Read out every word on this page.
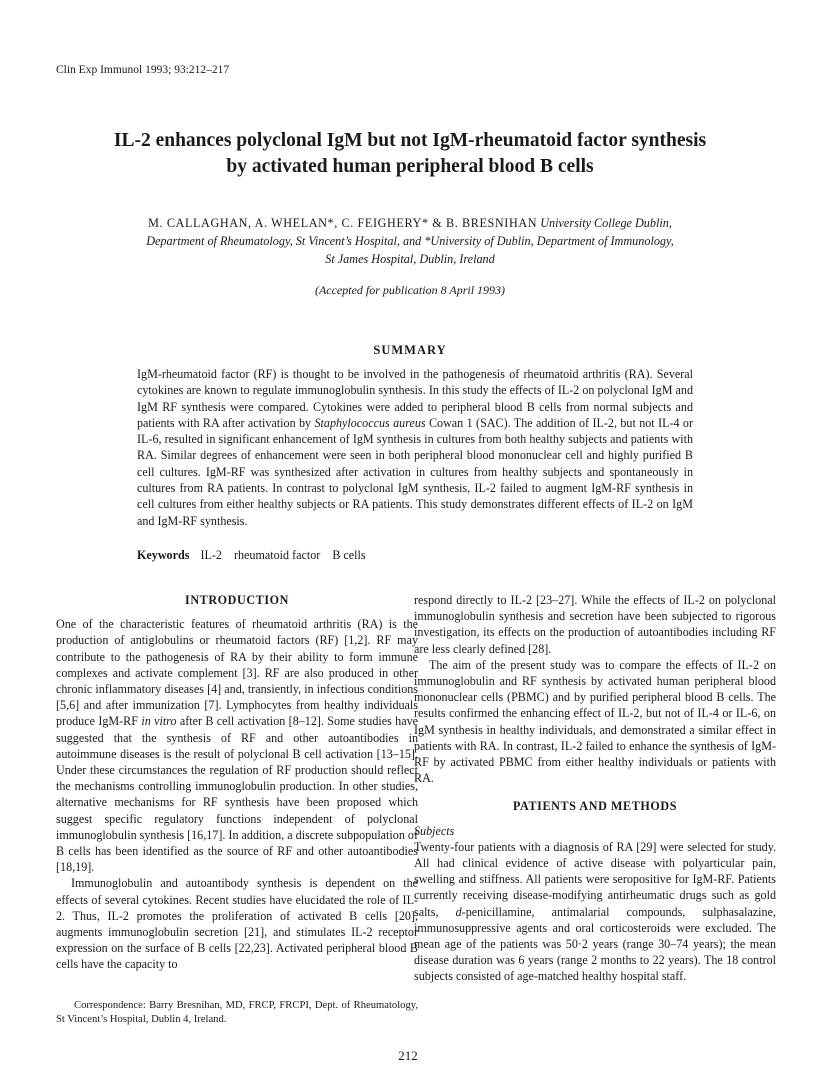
Clin Exp Immunol 1993; 93:212–217
IL-2 enhances polyclonal IgM but not IgM-rheumatoid factor synthesis
by activated human peripheral blood B cells
M. CALLAGHAN, A. WHELAN*, C. FEIGHERY* & B. BRESNIHAN University College Dublin,
Department of Rheumatology, St Vincent’s Hospital, and *University of Dublin, Department of Immunology,
St James Hospital, Dublin, Ireland
(Accepted for publication 8 April 1993)
SUMMARY
IgM-rheumatoid factor (RF) is thought to be involved in the pathogenesis of rheumatoid arthritis (RA). Several cytokines are known to regulate immunoglobulin synthesis. In this study the effects of IL-2 on polyclonal IgM and IgM RF synthesis were compared. Cytokines were added to peripheral blood B cells from normal subjects and patients with RA after activation by Staphylococcus aureus Cowan 1 (SAC). The addition of IL-2, but not IL-4 or IL-6, resulted in significant enhancement of IgM synthesis in cultures from both healthy subjects and patients with RA. Similar degrees of enhancement were seen in both peripheral blood mononuclear cell and highly purified B cell cultures. IgM-RF was synthesized after activation in cultures from healthy subjects and spontaneously in cultures from RA patients. In contrast to polyclonal IgM synthesis, IL-2 failed to augment IgM-RF synthesis in cell cultures from either healthy subjects or RA patients. This study demonstrates different effects of IL-2 on IgM and IgM-RF synthesis.
Keywords IL-2 rheumatoid factor B cells
INTRODUCTION

One of the characteristic features of rheumatoid arthritis (RA) is the production of antiglobulins or rheumatoid factors (RF) [1,2]. RF may contribute to the pathogenesis of RA by their ability to form immune complexes and activate complement [3]. RF are also produced in other chronic inflammatory diseases [4] and, transiently, in infectious conditions [5,6] and after immunization [7]. Lymphocytes from healthy individuals produce IgM-RF in vitro after B cell activation [8–12]. Some studies have suggested that the synthesis of RF and other autoantibodies in autoimmune diseases is the result of polyclonal B cell activation [13–15]. Under these circumstances the regulation of RF production should reflect the mechanisms controlling immunoglobulin production. In other studies, alternative mechanisms for RF synthesis have been proposed which suggest specific regulatory functions independent of polyclonal immunoglobulin synthesis [16,17]. In addition, a discrete subpopulation of B cells has been identified as the source of RF and other autoantibodies [18,19].

Immunoglobulin and autoantibody synthesis is dependent on the effects of several cytokines. Recent studies have elucidated the role of IL-2. Thus, IL-2 promotes the proliferation of activated B cells [20], augments immunoglobulin secretion [21], and stimulates IL-2 receptor expression on the surface of B cells [22,23]. Activated peripheral blood B cells have the capacity to

Correspondence: Barry Bresnihan, MD, FRCP, FRCPI, Dept. of Rheumatology, St Vincent’s Hospital, Dublin 4, Ireland.

respond directly to IL-2 [23–27]. While the effects of IL-2 on polyclonal immunoglobulin synthesis and secretion have been subjected to rigorous investigation, its effects on the production of autoantibodies including RF are less clearly defined [28].

The aim of the present study was to compare the effects of IL-2 on immunoglobulin and RF synthesis by activated human peripheral blood mononuclear cells (PBMC) and by purified peripheral blood B cells. The results confirmed the enhancing effect of IL-2, but not of IL-4 or IL-6, on IgM synthesis in healthy individuals, and demonstrated a similar effect in patients with RA. In contrast, IL-2 failed to enhance the synthesis of IgM-RF by activated PBMC from either healthy individuals or patients with RA.

PATIENTS AND METHODS
Subjects

Twenty-four patients with a diagnosis of RA [29] were selected for study. All had clinical evidence of active disease with polyarticular pain, swelling and stiffness. All patients were seropositive for IgM-RF. Patients currently receiving disease-modifying antirheumatic drugs such as gold salts, d-penicillamine, antimalarial compounds, sulphasalazine, immunosuppressive agents and oral corticosteroids were excluded. The mean age of the patients was 50·2 years (range 30–74 years); the mean disease duration was 6 years (range 2 months to 22 years). The 18 control subjects consisted of age-matched healthy hospital staff.

212
